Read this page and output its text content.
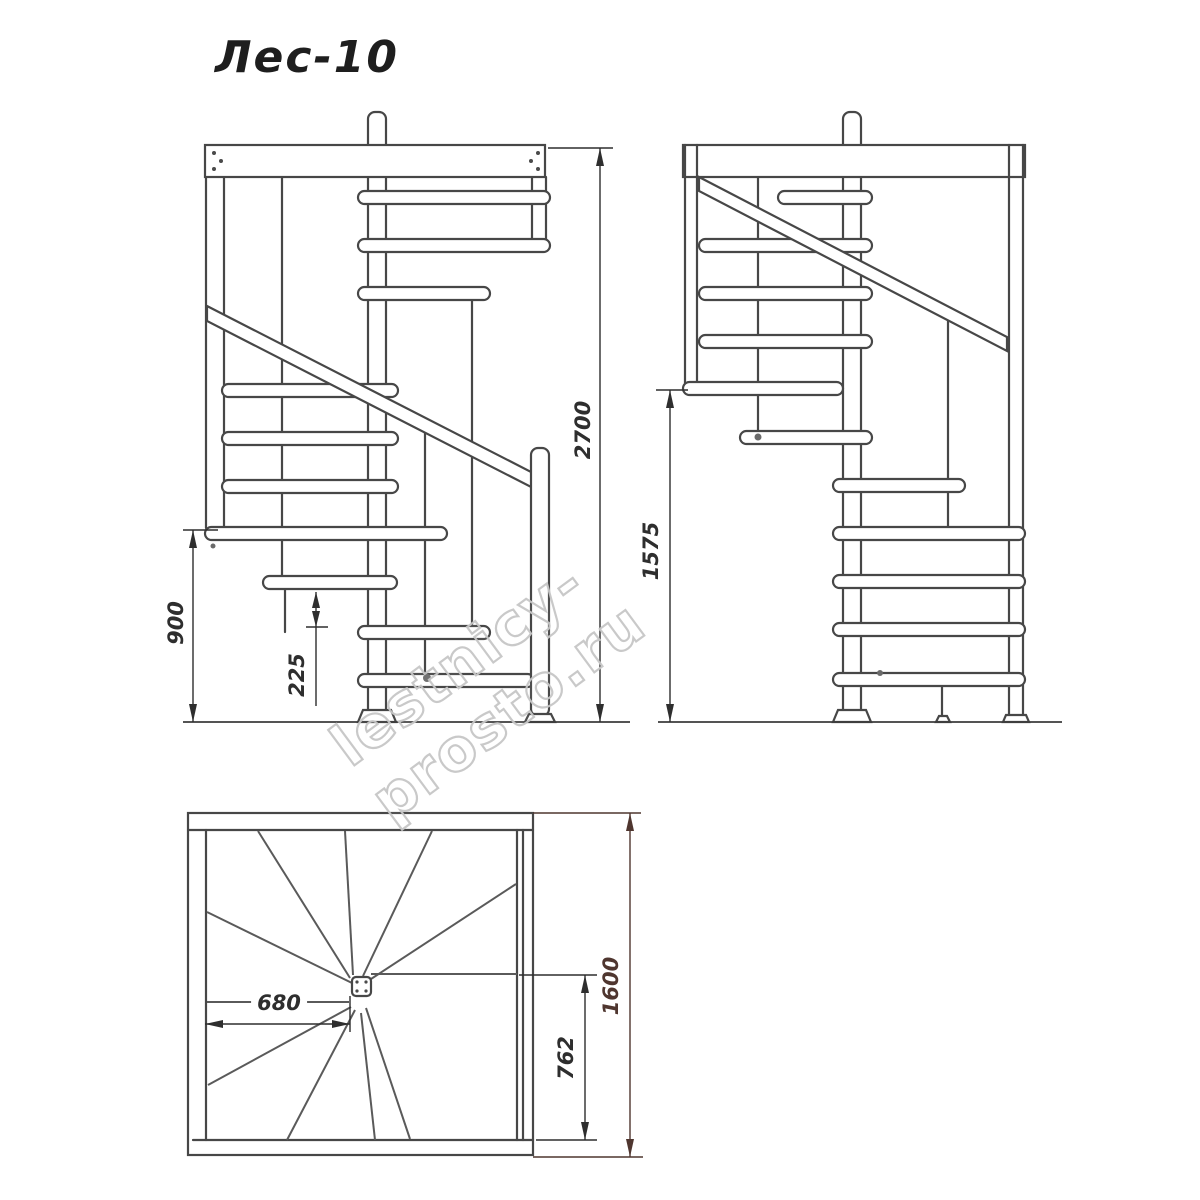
Лес-10
2700
1575
900
225
680
762
1600
lestnicy-prosto.ru
